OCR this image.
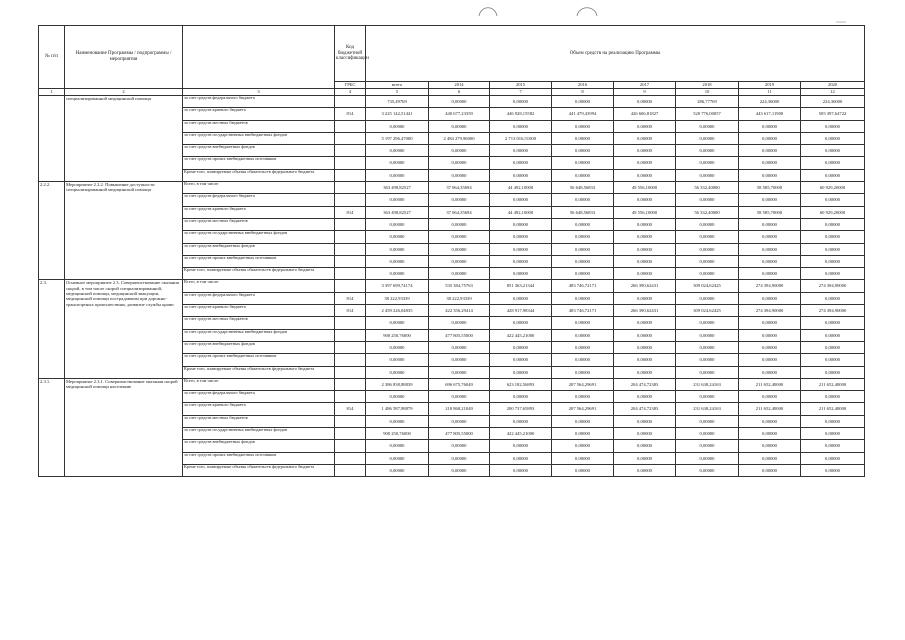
№ п/п	Наименование Программы / подпрограммы / мероприятия		Код бюджетной классификации	Объем средств на реализацию Программы							
			ГРБС	всего	2014	2015	2016	2017	2018	2019	2020
1	2	3	4	5	6	7	8	9	10	11	12
	специализированной медицинской помощи	за счет средств федерального бюджета		735,49769	0,00000	0,00000	0,00000	0,00000	286,77769	224,36000	224,36000
		за счет средств краевого бюджета	814	3 225 142,51441	440 677,23359	446 928,15582	441 479,43994	426 606,81827	520 776,00057	443 617,11900	505 397,64722
		за счет средств местных бюджетов		0,00000	0,00000	0,00000	0,00000	0,00000	0,00000	0,00000	0,00000
		за счет средств государственных внебюджетных фондов		5 197 296,47000	2 484 279,96000	2 713 016,51000	0,00000	0,00000	0,00000	0,00000	0,00000
		за счет средств внебюджетных фондов		0,00000	0,00000	0,00000	0,00000	0,00000	0,00000	0,00000	0,00000
		за счет средств прочих внебюджетных источников		0,00000	0,00000	0,00000	0,00000	0,00000	0,00000	0,00000	0,00000
		Кроме того, планируемые объемы обязательств федерального бюджета		0,00000	0,00000	0,00000	0,00000	0,00000	0,00000	0,00000	0,00000
2.2.2.	Мероприятие 2.2.2. Повышение доступности специализированной медицинской помощи	Всего, в том числе:		363 498,82527	37 064,35694	44 492,10000	56 648,56833	49 556,10000	56 332,40000	58 585,70000	60 929,20000
		за счет средств федерального бюджета		0,00000	0,00000	0,00000	0,00000	0,00000	0,00000	0,00000	0,00000
		за счет средств краевого бюджета	814	363 498,82527	37 064,35694	44 492,10000	56 648,56833	49 556,10000	56 332,40000	58 585,70000	60 929,20000
		за счет средств местных бюджетов		0,00000	0,00000	0,00000	0,00000	0,00000	0,00000	0,00000	0,00000
		за счет средств государственных внебюджетных фондов		0,00000	0,00000	0,00000	0,00000	0,00000	0,00000	0,00000	0,00000
		за счет средств внебюджетных фондов		0,00000	0,00000	0,00000	0,00000	0,00000	0,00000	0,00000	0,00000
		за счет средств прочих внебюджетных источников		0,00000	0,00000	0,00000	0,00000	0,00000	0,00000	0,00000	0,00000
		Кроме того, планируемые объемы обязательств федерального бюджета		0,00000	0,00000	0,00000	0,00000	0,00000	0,00000	0,00000	0,00000
2.3.	Основное мероприятие 2.3. Совершенствование оказания скорой, в том числе скорой специализированной, медицинской помощи, медицинской эвакуации, медицинской помощи пострадавшим при дорожно-транспортных происшествиях, развитие службы крови	Всего, в том числе:		3 397 699,74174	535 384,75763	851 363,21344	483 746,72171	266 390,62431	309 024,62425	274 394,90000	274 394,90000
		за счет средств федерального бюджета	814	38 222,93339	38 222,93339	0,00000	0,00000	0,00000	0,00000	0,00000	0,00000
		за счет средств краевого бюджета	814	2 459 226,04835	422 356,29414	428 917,98344	483 746,72171	266 390,62431	309 024,62425	274 394,90000	274 394,90000
		за счет средств местных бюджетов		0,00000	0,00000	0,00000	0,00000	0,00000	0,00000	0,00000	0,00000
		за счет средств государственных внебюджетных фондов		900 250,76000	477 805,55000	422 445,21000	0,00000	0,00000	0,00000	0,00000	0,00000
		за счет средств внебюджетных фондов		0,00000	0,00000	0,00000	0,00000	0,00000	0,00000	0,00000	0,00000
		за счет средств прочих внебюджетных источников		0,00000	0,00000	0,00000	0,00000	0,00000	0,00000	0,00000	0,00000
		Кроме того, планируемые объемы обязательств федерального бюджета		0,00000	0,00000	0,00000	0,00000	0,00000	0,00000	0,00000	0,00000
2.3.1.	Мероприятие 2.3.1. Совершенствование оказания скорой медицинской помощи населению	Всего, в том числе:		2 386 838,88839	696 675,76049	623 182,56893	207 564,29691	204 474,72383	231 638,24163	211 652,40000	211 652,40000
		за счет средств федерального бюджета		0,00000	0,00000	0,00000	0,00000	0,00000	0,00000	0,00000	0,00000
		за счет средств краевого бюджета	814	1 486 587,98879	218 868,21049	200 737,65893	207 564,29691	204 474,72383	231 638,24163	211 652,40000	211 652,40000
		за счет средств местных бюджетов		0,00000	0,00000	0,00000	0,00000	0,00000	0,00000	0,00000	0,00000
		за счет средств государственных внебюджетных фондов		900 250,76000	477 805,55000	422 445,21000	0,00000	0,00000	0,00000	0,00000	0,00000
		за счет средств внебюджетных фондов		0,00000	0,00000	0,00000	0,00000	0,00000	0,00000	0,00000	0,00000
		за счет средств прочих внебюджетных источников		0,00000	0,00000	0,00000	0,00000	0,00000	0,00000	0,00000	0,00000
		Кроме того, планируемые объемы обязательств федерального бюджета		0,00000	0,00000	0,00000	0,00000	0,00000	0,00000	0,00000	0,00000
